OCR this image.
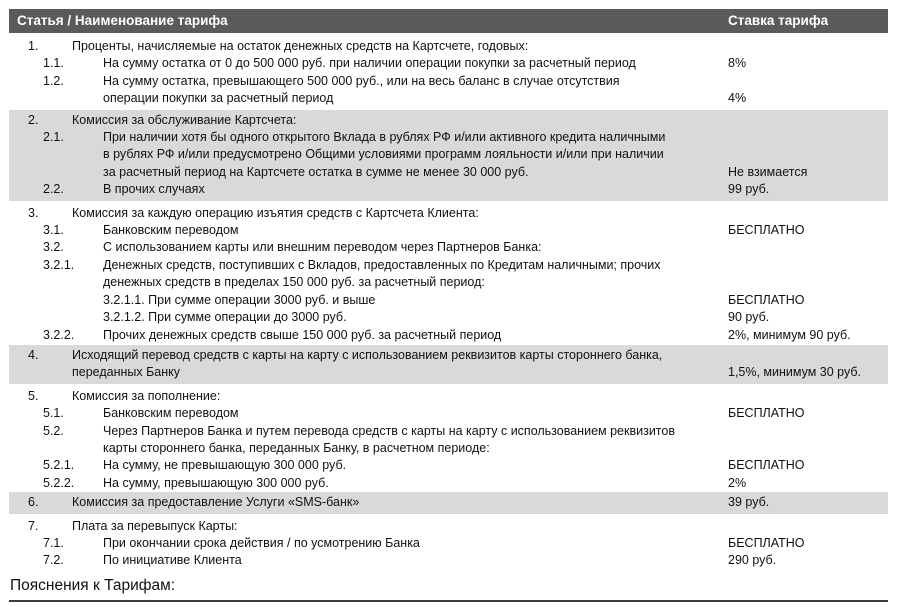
Статья / Наименование тарифа	Ставка тарифа
1.	Проценты, начисляемые на остаток денежных средств на Картсчете, годовых:
1.1.	На сумму остатка от 0 до 500 000 руб. при наличии операции покупки за расчетный период	8%
1.2.	На сумму остатка, превышающего 500 000 руб., или на весь баланс в случае отсутствия
операции покупки за расчетный период	4%
2.	Комиссия за обслуживание Картсчета:
2.1.	При наличии хотя бы одного открытого Вклада в рублях РФ и/или активного кредита наличными
в рублях РФ и/или предусмотрено Общими условиями программ лояльности и/или при наличии
за расчетный период на Картсчете остатка в сумме не менее 30 000 руб.	Не взимается
2.2.	В прочих случаях	99 руб.
3.	Комиссия за каждую операцию изъятия средств с Картсчета Клиента:
3.1.	Банковским переводом	БЕСПЛАТНО
3.2.	С использованием карты или внешним переводом через Партнеров Банка:
3.2.1. Денежных средств, поступивших с Вкладов, предоставленных по Кредитам наличными; прочих
денежных средств в пределах 150 000 руб. за расчетный период:
3.2.1.1. При сумме операции 3000 руб. и выше	БЕСПЛАТНО
3.2.1.2. При сумме операции до 3000 руб.	90 руб.
3.2.2. Прочих денежных средств свыше 150 000 руб. за расчетный период	2%, минимум 90 руб.
4.	Исходящий перевод средств с карты на карту с использованием реквизитов карты стороннего банка,
переданных Банку	1,5%, минимум 30 руб.
5.	Комиссия за пополнение:
5.1.	Банковским переводом	БЕСПЛАТНО
5.2.	Через Партнеров Банка и путем перевода средств с карты на карту с использованием реквизитов
карты стороннего банка, переданных Банку, в расчетном периоде:
5.2.1. На сумму, не превышающую 300 000 руб.	БЕСПЛАТНО
5.2.2. На сумму, превышающую 300 000 руб.	2%
6.	Комиссия за предоставление Услуги «SMS-банк»	39 руб.
7.	Плата за перевыпуск Карты:
7.1.	При окончании срока действия / по усмотрению Банка	БЕСПЛАТНО
7.2.	По инициативе Клиента	290 руб.
Пояснения к Тарифам:
